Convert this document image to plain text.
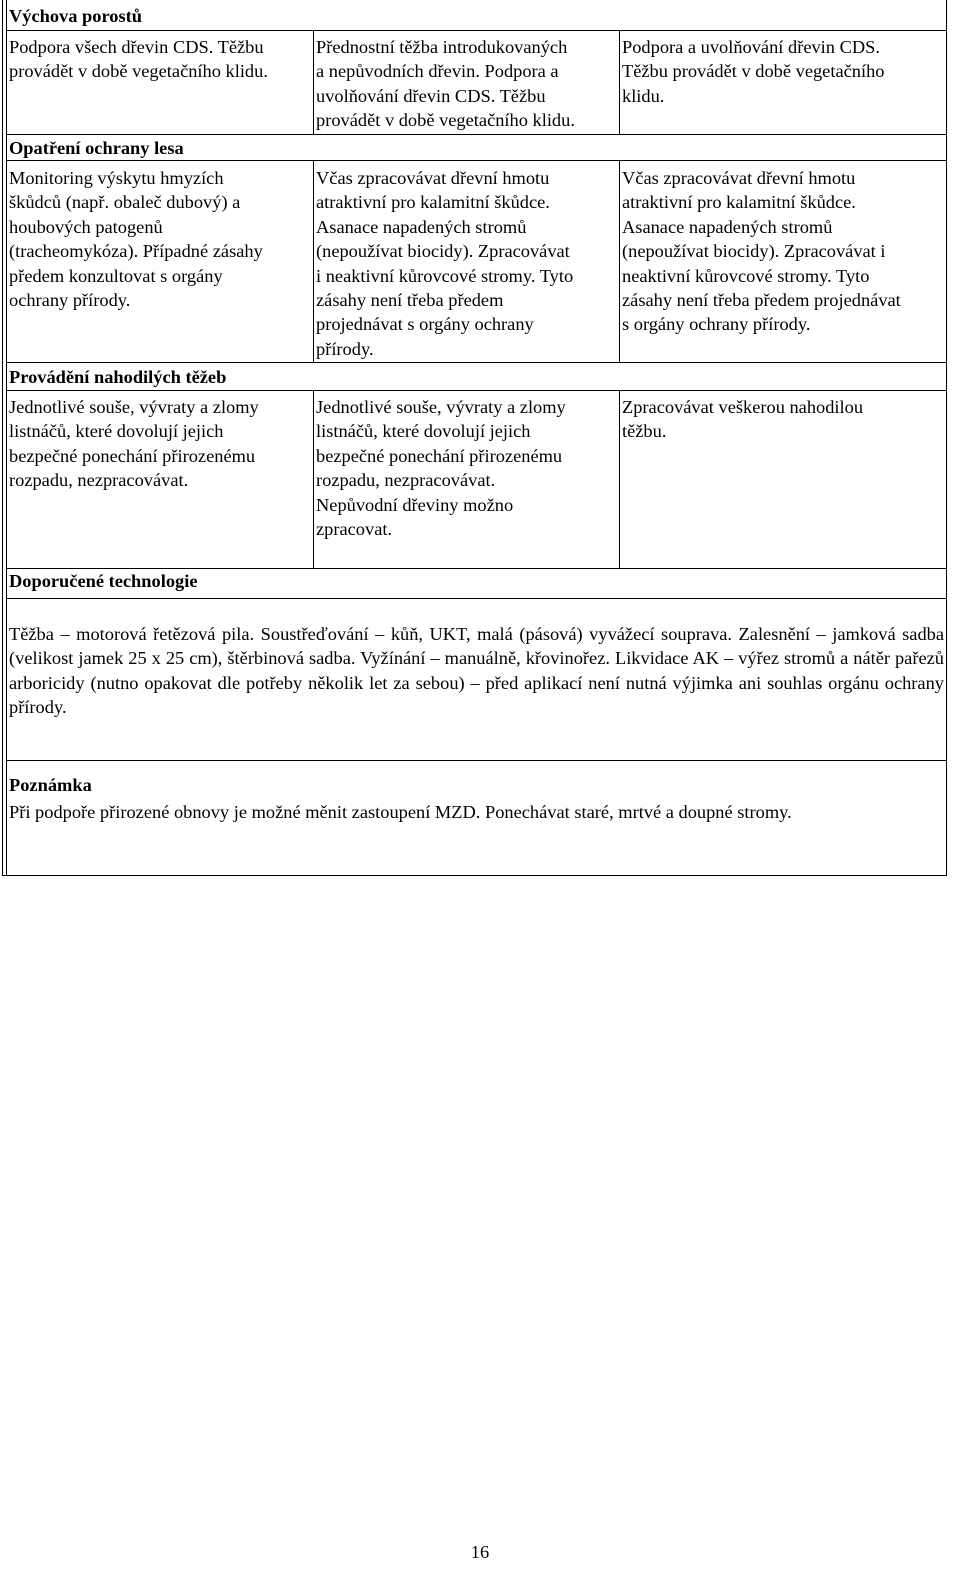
Výchova porostů
Podpora všech dřevin CDS. Těžbu
provádět v době vegetačního klidu.
Přednostní těžba introdukovaných
a nepůvodních dřevin. Podpora a
uvolňování dřevin CDS. Těžbu
provádět v době vegetačního klidu.
Podpora a uvolňování dřevin CDS.
Těžbu provádět v době vegetačního
klidu.
Opatření ochrany lesa
Monitoring výskytu hmyzích
škůdců (např. obaleč dubový) a
houbových patogenů
(tracheomykóza). Případné zásahy
předem konzultovat s orgány
ochrany přírody.
Včas zpracovávat dřevní hmotu
atraktivní pro kalamitní škůdce.
Asanace napadených stromů
(nepoužívat biocidy). Zpracovávat
i neaktivní kůrovcové stromy. Tyto
zásahy není třeba předem
projednávat s orgány ochrany
přírody.
Včas zpracovávat dřevní hmotu
atraktivní pro kalamitní škůdce.
Asanace napadených stromů
(nepoužívat biocidy). Zpracovávat i
neaktivní kůrovcové stromy. Tyto
zásahy není třeba předem projednávat
s orgány ochrany přírody.
Provádění nahodilých těžeb
Jednotlivé souše, vývraty a zlomy
listnáčů, které dovolují jejich
bezpečné ponechání přirozenému
rozpadu, nezpracovávat.
Jednotlivé souše, vývraty a zlomy
listnáčů, které dovolují jejich
bezpečné ponechání přirozenému
rozpadu, nezpracovávat.
Nepůvodní dřeviny možno
zpracovat.
Zpracovávat veškerou nahodilou
těžbu.
Doporučené technologie
Těžba – motorová řetězová pila. Soustřeďování – kůň, UKT, malá (pásová) vyvážecí souprava. Zalesnění – jamková sadba (velikost jamek 25 x 25 cm), štěrbinová sadba. Vyžínání – manuálně, křovinořez. Likvidace AK – výřez stromů a nátěr pařezů arboricidy (nutno opakovat dle potřeby několik let za sebou) – před aplikací není nutná výjimka ani souhlas orgánu ochrany přírody.
Poznámka
Při podpoře přirozené obnovy je možné měnit zastoupení MZD. Ponechávat staré, mrtvé a doupné stromy.
16
